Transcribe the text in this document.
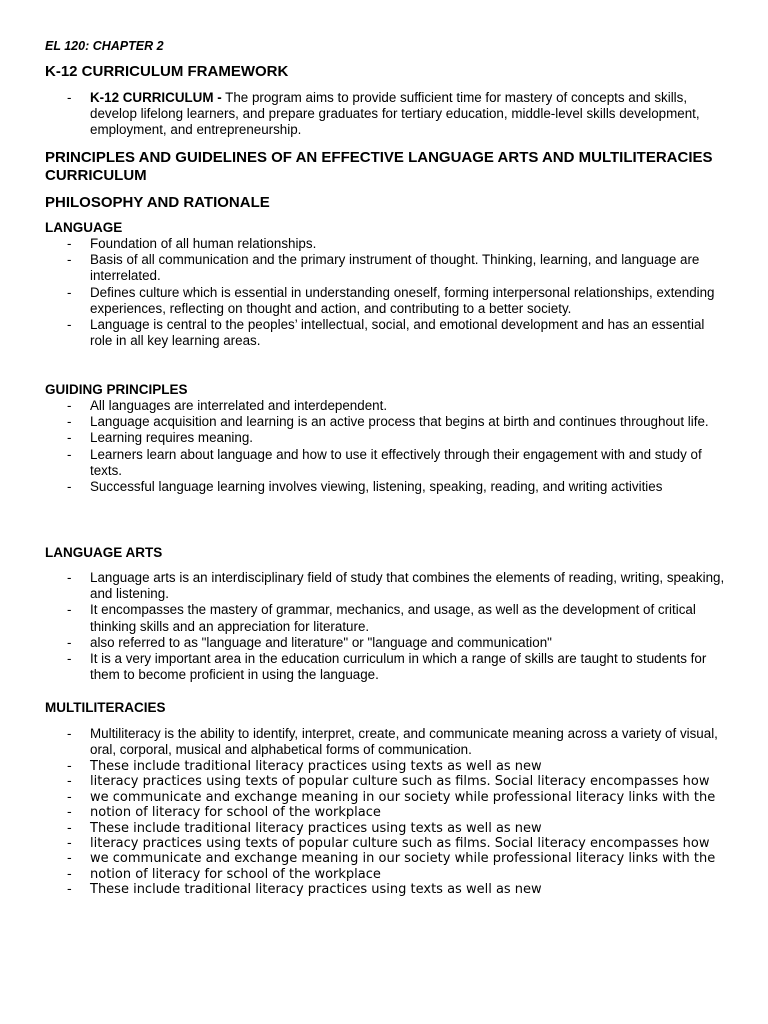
EL 120: CHAPTER 2
K-12 CURRICULUM FRAMEWORK
- K-12 CURRICULUM - The program aims to provide sufficient time for mastery of concepts and skills, develop lifelong learners, and prepare graduates for tertiary education, middle-level skills development, employment, and entrepreneurship.
PRINCIPLES AND GUIDELINES OF AN EFFECTIVE LANGUAGE ARTS AND MULTILITERACIES CURRICULUM
PHILOSOPHY AND RATIONALE
LANGUAGE
- Foundation of all human relationships.
- Basis of all communication and the primary instrument of thought. Thinking, learning, and language are interrelated.
- Defines culture which is essential in understanding oneself, forming interpersonal relationships, extending experiences, reflecting on thought and action, and contributing to a better society.
- Language is central to the peoples’ intellectual, social, and emotional development and has an essential role in all key learning areas.
GUIDING PRINCIPLES
- All languages are interrelated and interdependent.
- Language acquisition and learning is an active process that begins at birth and continues throughout life.
- Learning requires meaning.
- Learners learn about language and how to use it effectively through their engagement with and study of texts.
- Successful language learning involves viewing, listening, speaking, reading, and writing activities
LANGUAGE ARTS
- Language arts is an interdisciplinary field of study that combines the elements of reading, writing, speaking, and listening.
- It encompasses the mastery of grammar, mechanics, and usage, as well as the development of critical thinking skills and an appreciation for literature.
- also referred to as "language and literature" or "language and communication"
- It is a very important area in the education curriculum in which a range of skills are taught to students for them to become proficient in using the language.
MULTILITERACIES
- Multiliteracy is the ability to identify, interpret, create, and communicate meaning across a variety of visual, oral, corporal, musical and alphabetical forms of communication.
- These include traditional literacy practices using texts as well as new
- literacy practices using texts of popular culture such as films. Social literacy encompasses how
- we communicate and exchange meaning in our society while professional literacy links with the
- notion of literacy for school of the workplace
- These include traditional literacy practices using texts as well as new
- literacy practices using texts of popular culture such as films. Social literacy encompasses how
- we communicate and exchange meaning in our society while professional literacy links with the
- notion of literacy for school of the workplace
- These include traditional literacy practices using texts as well as new
